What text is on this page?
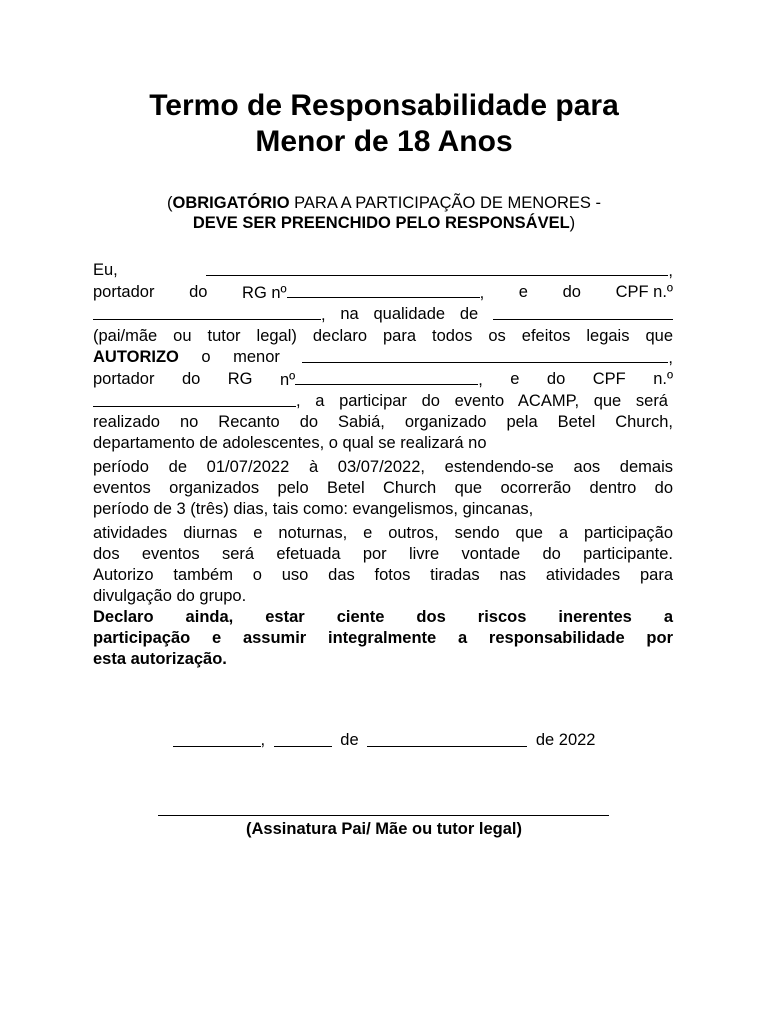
Termo de Responsabilidade para
Menor de 18 Anos
(OBRIGATÓRIO PARA A PARTICIPAÇÃO DE MENORES -
DEVE SER PREENCHIDO PELO RESPONSÁVEL)
Eu,	,
portador do RG nº	, e do CPF n.º
, na qualidade de
(pai/mãe ou tutor legal) declaro para todos os efeitos legais que
AUTORIZO o menor	,
portador do RG nº	, e do CPF n.º
, a participar do evento ACAMP, que será
realizado no Recanto do Sabiá, organizado pela Betel Church,
departamento de adolescentes, o qual se realizará no
período de 01/07/2022 à 03/07/2022, estendendo-se aos demais
eventos organizados pelo Betel Church que ocorrerão dentro do
período de 3 (três) dias, tais como: evangelismos, gincanas,
atividades diurnas e noturnas, e outros, sendo que a participação
dos eventos será efetuada por livre vontade do participante.
Autorizo também o uso das fotos tiradas nas atividades para
divulgação do grupo.
Declaro ainda, estar ciente dos riscos inerentes a
participação e assumir integralmente a responsabilidade por
esta autorização.
,	de	de 2022
(Assinatura Pai/ Mãe ou tutor legal)
